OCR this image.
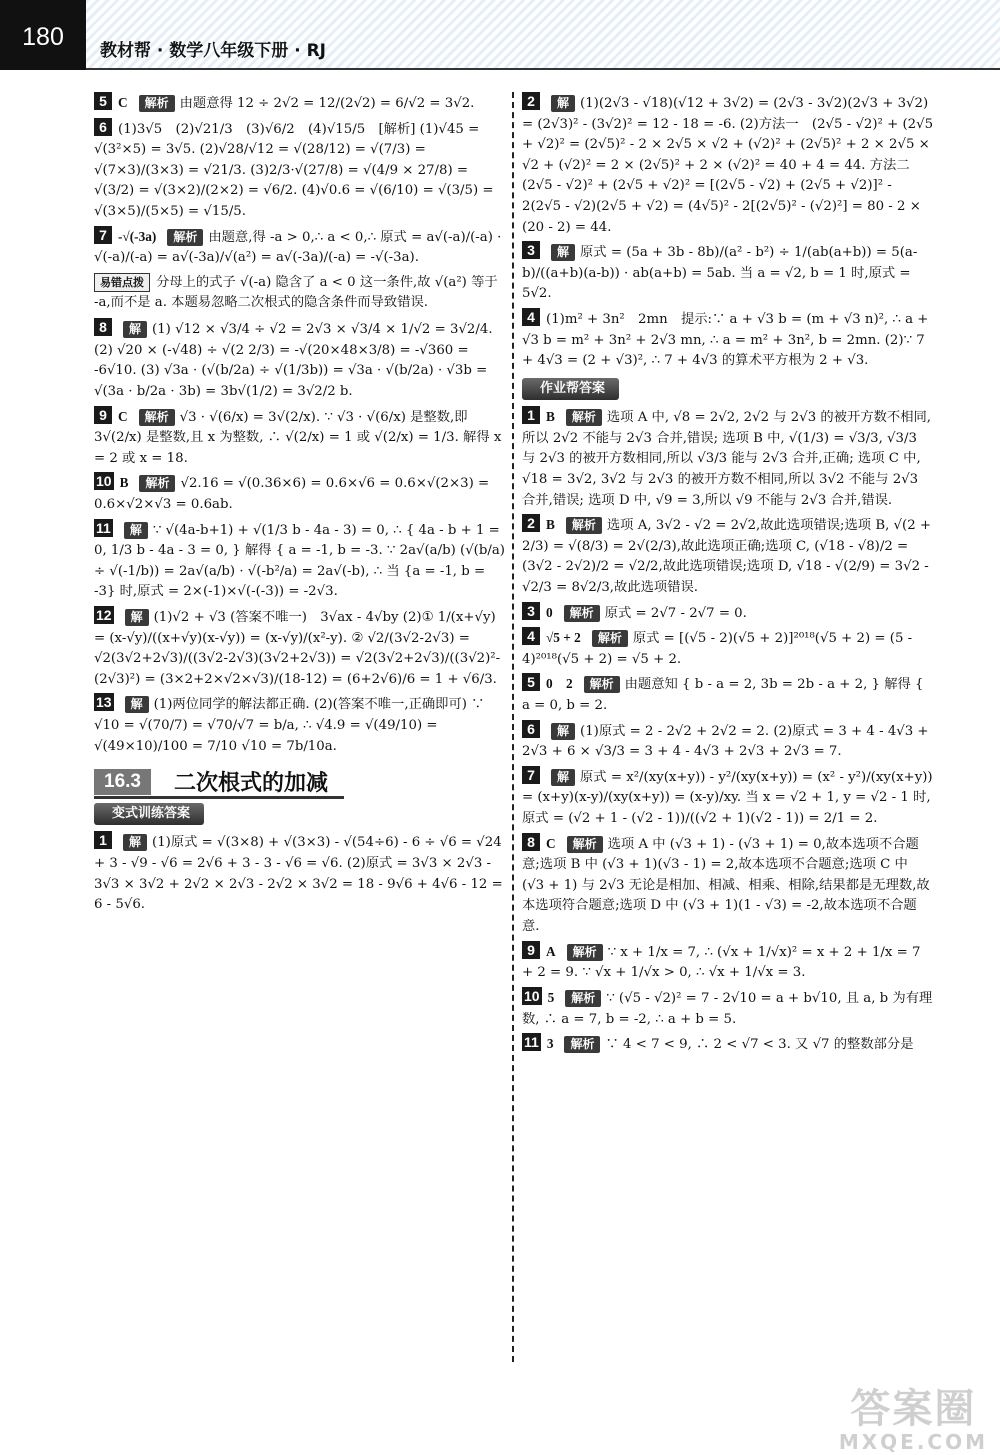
180	教材帮 · 数学八年级下册 · RJ
5 C 解析 由题意得 12 ÷ 2√2 = 12/(2√2) = 6/√2 = 3√2.
6 (1)3√5　(2)√21/3　(3)√6/2　(4)√15/5　[解析] (1)√45 = √(3²×5) = 3√5. (2)√28/√12 = √(28/12) = √(7/3) = √(7×3)/(3×3) = √21/3. (3)2/3·√(27/8) = √(4/9 × 27/8) = √(3/2) = √(3×2)/(2×2) = √6/2. (4)√0.6 = √(6/10) = √(3/5) = √(3×5)/(5×5) = √15/5.
7 -√(-3a) 解析 由题意,得 -a > 0,∴ a < 0,∴ 原式 = a√(-a)/(-a) · √(-a)/(-a) = a√(-3a)/√(a²) = a√(-3a)/(-a) = -√(-3a).
易错点拨 分母上的式子 √(-a) 隐含了 a < 0 这一条件,故 √(a²) 等于 -a,而不是 a. 本题易忽略二次根式的隐含条件而导致错误.
8 解 (1) √12 × √3/4 ÷ √2 = 2√3 × √3/4 × 1/√2 = 3√2/4. (2) √20 × (-√48) ÷ √(2 2/3) = -√(20×48×3/8) = -√360 = -6√10. (3) √3a · (√(b/2a) ÷ √(1/3b)) = √3a · √(b/2a) · √3b = √(3a · b/2a · 3b) = 3b√(1/2) = 3√2/2 b.
9 C 解析 √3 · √(6/x) = 3√(2/x). ∵ √3 · √(6/x) 是整数,即 3√(2/x) 是整数,且 x 为整数, ∴ √(2/x) = 1 或 √(2/x) = 1/3. 解得 x = 2 或 x = 18.
10 B 解析 √2.16 = √(0.36×6) = 0.6×√6 = 0.6×√(2×3) = 0.6×√2×√3 = 0.6ab.
11 解 ∵ √(4a-b+1) + √(1/3 b - 4a - 3) = 0, ∴ { 4a - b + 1 = 0, 1/3 b - 4a - 3 = 0, } 解得 { a = -1, b = -3. ∵ 2a√(a/b) (√(b/a) ÷ √(-1/b)) = 2a√(a/b) · √(-b²/a) = 2a√(-b), ∴ 当 {a = -1, b = -3} 时,原式 = 2×(-1)×√(-(-3)) = -2√3.
12 解 (1)√2 + √3 (答案不唯一)　3√ax - 4√by (2)① 1/(x+√y) = (x-√y)/((x+√y)(x-√y)) = (x-√y)/(x²-y). ② √2/(3√2-2√3) = √2(3√2+2√3)/((3√2-2√3)(3√2+2√3)) = √2(3√2+2√3)/((3√2)²-(2√3)²) = (3×2+2×√2×√3)/(18-12) = (6+2√6)/6 = 1 + √6/3.
13 解 (1)两位同学的解法都正确. (2)(答案不唯一,正确即可) ∵ √10 = √(70/7) = √70/√7 = b/a, ∴ √4.9 = √(49/10) = √(49×10)/100 = 7/10 √10 = 7b/10a.
16.3	二次根式的加减
变式训练答案
1 解 (1)原式 = √(3×8) + √(3×3) - √(54÷6) - 6 ÷ √6 = √24 + 3 - √9 - √6 = 2√6 + 3 - 3 - √6 = √6. (2)原式 = 3√3 × 2√3 - 3√3 × 3√2 + 2√2 × 2√3 - 2√2 × 3√2 = 18 - 9√6 + 4√6 - 12 = 6 - 5√6.
2 解 (1)(2√3 - √18)(√12 + 3√2) = (2√3 - 3√2)(2√3 + 3√2) = (2√3)² - (3√2)² = 12 - 18 = -6. (2)方法一　(2√5 - √2)² + (2√5 + √2)² = (2√5)² - 2 × 2√5 × √2 + (√2)² + (2√5)² + 2 × 2√5 × √2 + (√2)² = 2 × (2√5)² + 2 × (√2)² = 40 + 4 = 44. 方法二　(2√5 - √2)² + (2√5 + √2)² = [(2√5 - √2) + (2√5 + √2)]² - 2(2√5 - √2)(2√5 + √2) = (4√5)² - 2[(2√5)² - (√2)²] = 80 - 2 × (20 - 2) = 44.
3 解 原式 = (5a + 3b - 8b)/(a² - b²) ÷ 1/(ab(a+b)) = 5(a-b)/((a+b)(a-b)) · ab(a+b) = 5ab. 当 a = √2, b = 1 时,原式 = 5√2.
4 (1)m² + 3n²　2mn　提示:∵ a + √3 b = (m + √3 n)², ∴ a + √3 b = m² + 3n² + 2√3 mn, ∴ a = m² + 3n², b = 2mn. (2)∵ 7 + 4√3 = (2 + √3)², ∴ 7 + 4√3 的算术平方根为 2 + √3.
作业帮答案
1 B 解析 选项 A 中, √8 = 2√2, 2√2 与 2√3 的被开方数不相同,所以 2√2 不能与 2√3 合并,错误; 选项 B 中, √(1/3) = √3/3, √3/3 与 2√3 的被开方数相同,所以 √3/3 能与 2√3 合并,正确; 选项 C 中, √18 = 3√2, 3√2 与 2√3 的被开方数不相同,所以 3√2 不能与 2√3 合并,错误; 选项 D 中, √9 = 3,所以 √9 不能与 2√3 合并,错误.
2 B 解析 选项 A, 3√2 - √2 = 2√2,故此选项错误;选项 B, √(2 + 2/3) = √(8/3) = 2√(2/3),故此选项正确;选项 C, (√18 - √8)/2 = (3√2 - 2√2)/2 = √2/2,故此选项错误;选项 D, √18 - √(2/9) = 3√2 - √2/3 = 8√2/3,故此选项错误.
3 0 解析 原式 = 2√7 - 2√7 = 0.
4 √5 + 2 解析 原式 = [(√5 - 2)(√5 + 2)]²⁰¹⁸(√5 + 2) = (5 - 4)²⁰¹⁸(√5 + 2) = √5 + 2.
5 0　2 解析 由题意知 { b - a = 2, 3b = 2b - a + 2, } 解得 { a = 0, b = 2.
6 解 (1)原式 = 2 - 2√2 + 2√2 = 2. (2)原式 = 3 + 4 - 4√3 + 2√3 + 6 × √3/3 = 3 + 4 - 4√3 + 2√3 + 2√3 = 7.
7 解 原式 = x²/(xy(x+y)) - y²/(xy(x+y)) = (x² - y²)/(xy(x+y)) = (x+y)(x-y)/(xy(x+y)) = (x-y)/xy. 当 x = √2 + 1, y = √2 - 1 时,原式 = (√2 + 1 - (√2 - 1))/((√2 + 1)(√2 - 1)) = 2/1 = 2.
8 C 解析 选项 A 中 (√3 + 1) - (√3 + 1) = 0,故本选项不合题意;选项 B 中 (√3 + 1)(√3 - 1) = 2,故本选项不合题意;选项 C 中 (√3 + 1) 与 2√3 无论是相加、相减、相乘、相除,结果都是无理数,故本选项符合题意;选项 D 中 (√3 + 1)(1 - √3) = -2,故本选项不合题意.
9 A 解析 ∵ x + 1/x = 7, ∴ (√x + 1/√x)² = x + 2 + 1/x = 7 + 2 = 9. ∵ √x + 1/√x > 0, ∴ √x + 1/√x = 3.
10 5 解析 ∵ (√5 - √2)² = 7 - 2√10 = a + b√10, 且 a, b 为有理数, ∴ a = 7, b = -2, ∴ a + b = 5.
11 3 解析 ∵ 4 < 7 < 9, ∴ 2 < √7 < 3. 又 √7 的整数部分是
答案圈
MXQE.COM
